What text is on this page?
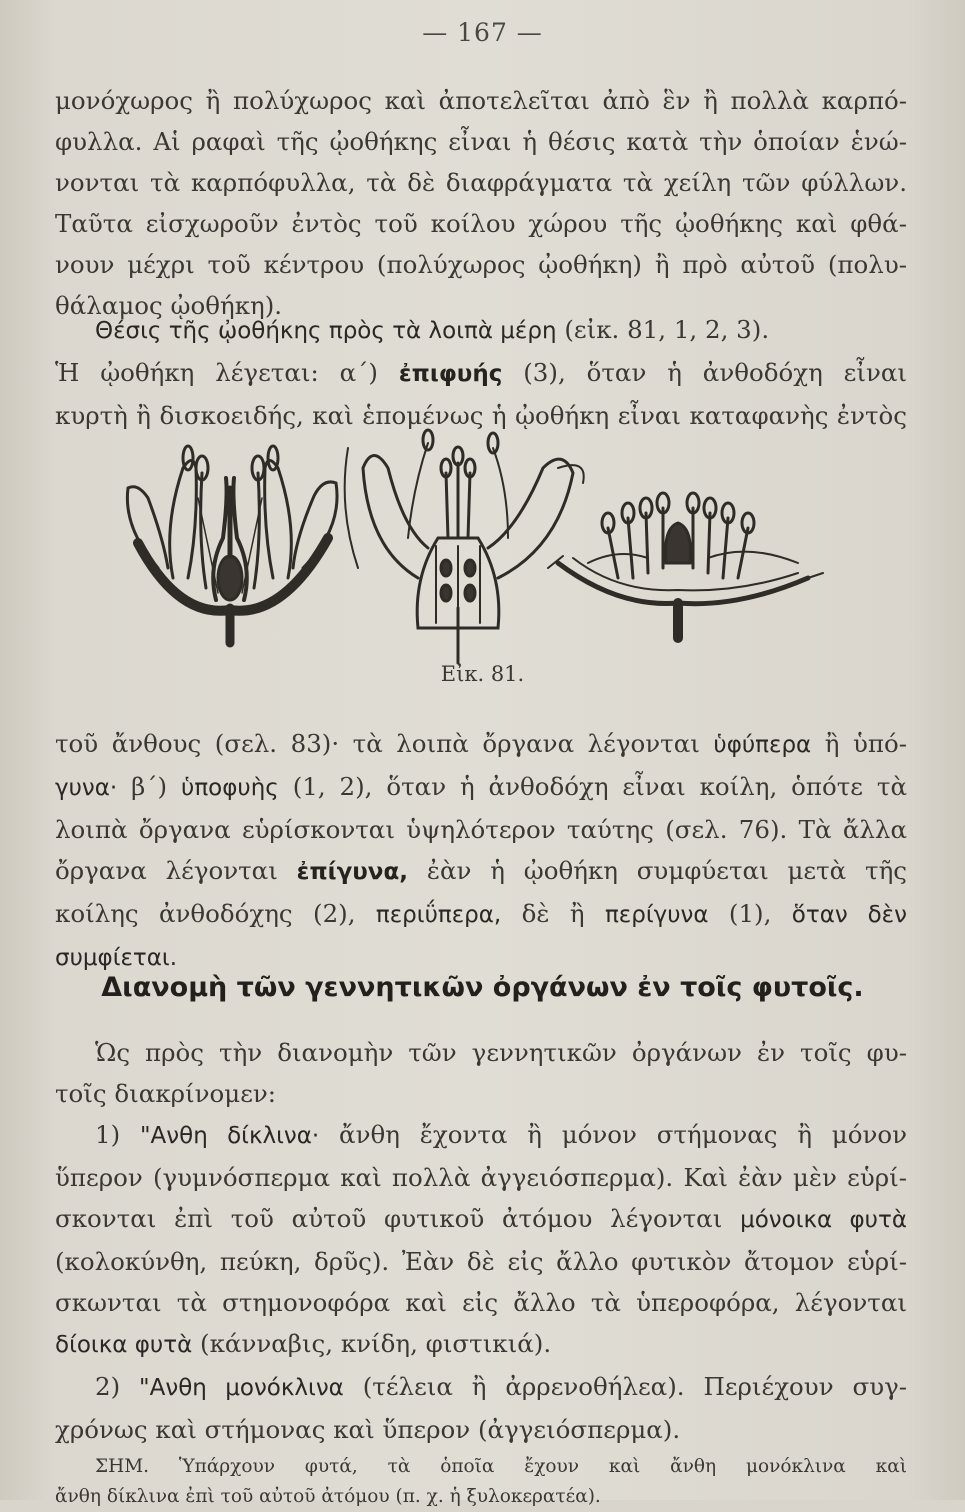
— 167 —

μονόχωρος ἢ πολύχωρος καὶ ἀποτελεῖται ἀπὸ ἓν ἢ πολλὰ καρπό-

φυλλα. Αἱ ραφαὶ τῆς ᾠοθήκης εἶναι ἡ θέσις κατὰ τὴν ὁποίαν ἑνώ-

νονται τὰ καρπόφυλλα, τὰ δὲ διαφράγματα τὰ χείλη τῶν φύλλων.

Ταῦτα εἰσχωροῦν ἐντὸς τοῦ κοίλου χώρου τῆς ᾠοθήκης καὶ φθά-

νουν μέχρι τοῦ κέντρου (πολύχωρος ᾠοθήκη) ἢ πρὸ αὐτοῦ (πολυ-

θάλαμος ᾠοθήκη).

Θέσις τῆς ᾠοθήκης πρὸς τὰ λοιπὰ μέρη (εἰκ. 81, 1, 2, 3).

Ἡ ᾠοθήκη λέγεται: α΄) ἐπιφυής (3), ὅταν ἡ ἀνθοδόχη εἶναι

κυρτὴ ἢ δισκοειδής, καὶ ἑπομένως ἡ ᾠοθήκη εἶναι καταφανὴς ἐντὸς

Εἰκ. 81.

τοῦ ἄνθους (σελ. 83)· τὰ λοιπὰ ὄργανα λέγονται ὑφύπερα ἢ ὑπό-

γυνα· β΄) ὑποφυὴς (1, 2), ὅταν ἡ ἀνθοδόχη εἶναι κοίλη, ὁπότε τὰ

λοιπὰ ὄργανα εὑρίσκονται ὑψηλότερον ταύτης (σελ. 76). Τὰ ἄλλα

ὄργανα λέγονται ἐπίγυνα, ἐὰν ἡ ᾠοθήκη συμφύεται μετὰ τῆς

κοίλης ἀνθοδόχης (2), περιΰπερα, δὲ ἢ περίγυνα (1), ὅταν δὲν

συμφίεται.

Διανομὴ τῶν γεννητικῶν ὀργάνων ἐν τοῖς φυτοῖς.

Ὡς πρὸς τὴν διανομὴν τῶν γεννητικῶν ὀργάνων ἐν τοῖς φυ-

τοῖς διακρίνομεν:

1) "Ανθη δίκλινα· ἄνθη ἔχοντα ἢ μόνον στήμονας ἢ μόνον

ὕπερον (γυμνόσπερμα καὶ πολλὰ ἀγγειόσπερμα). Καὶ ἐὰν μὲν εὑρί-

σκονται ἐπὶ τοῦ αὐτοῦ φυτικοῦ ἀτόμου λέγονται μόνοικα φυτὰ

(κολοκύνθη, πεύκη, δρῦς). Ἐὰν δὲ εἰς ἄλλο φυτικὸν ἄτομον εὑρί-

σκωνται τὰ στημονοφόρα καὶ εἰς ἄλλο τὰ ὑπεροφόρα, λέγονται

δίοικα φυτὰ (κάνναβις, κνίδη, φιστικιά).

2) "Ανθη μονόκλινα (τέλεια ἢ ἀρρενοθήλεα). Περιέχουν συγ-

χρόνως καὶ στήμονας καὶ ὕπερον (ἀγγειόσπερμα).

ΣΗΜ. Ὑπάρχουν φυτά, τὰ ὁποῖα ἔχουν καὶ ἄνθη μονόκλινα καὶ

ἄνθη δίκλινα ἐπὶ τοῦ αὐτοῦ ἀτόμου (π. χ. ἡ ξυλοκερατέα).
